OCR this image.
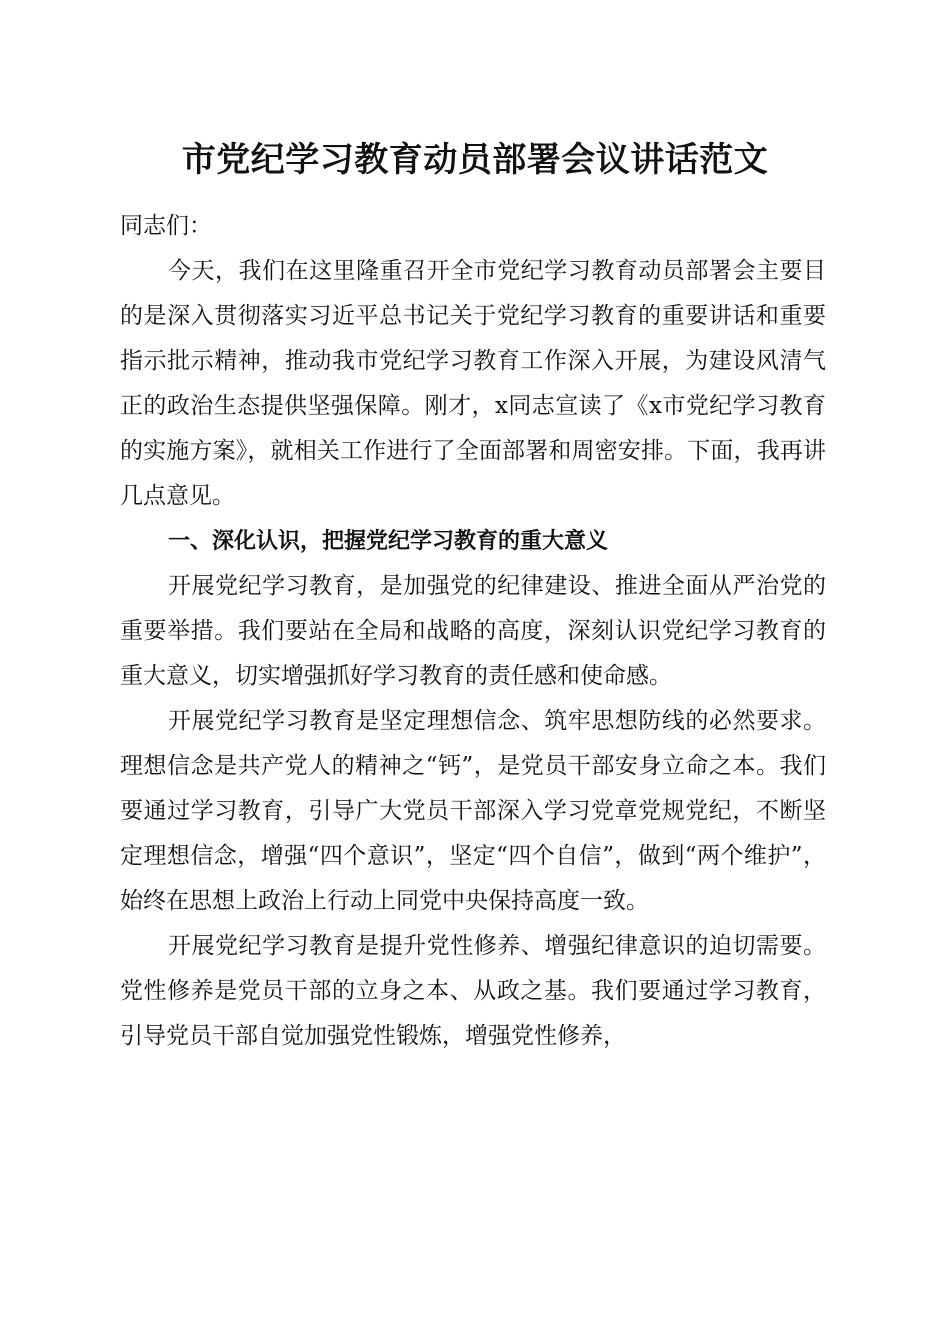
市党纪学习教育动员部署会议讲话范文

同志们：

今天，我们在这里隆重召开全市党纪学习教育动员部署会主要目的是深入贯彻落实习近平总书记关于党纪学习教育的重要讲话和重要指示批示精神，推动我市党纪学习教育工作深入开展，为建设风清气正的政治生态提供坚强保障。刚才，x同志宣读了《x市党纪学习教育的实施方案》，就相关工作进行了全面部署和周密安排。下面，我再讲几点意见。

一、深化认识，把握党纪学习教育的重大意义

开展党纪学习教育，是加强党的纪律建设、推进全面从严治党的重要举措。我们要站在全局和战略的高度，深刻认识党纪学习教育的重大意义，切实增强抓好学习教育的责任感和使命感。

开展党纪学习教育是坚定理想信念、筑牢思想防线的必然要求。理想信念是共产党人的精神之“钙”，是党员干部安身立命之本。我们要通过学习教育，引导广大党员干部深入学习党章党规党纪，不断坚定理想信念，增强“四个意识”，坚定“四个自信”，做到“两个维护”，始终在思想上政治上行动上同党中央保持高度一致。

开展党纪学习教育是提升党性修养、增强纪律意识的迫切需要。党性修养是党员干部的立身之本、从政之基。我们要通过学习教育，引导党员干部自觉加强党性锻炼，增强党性修养，
